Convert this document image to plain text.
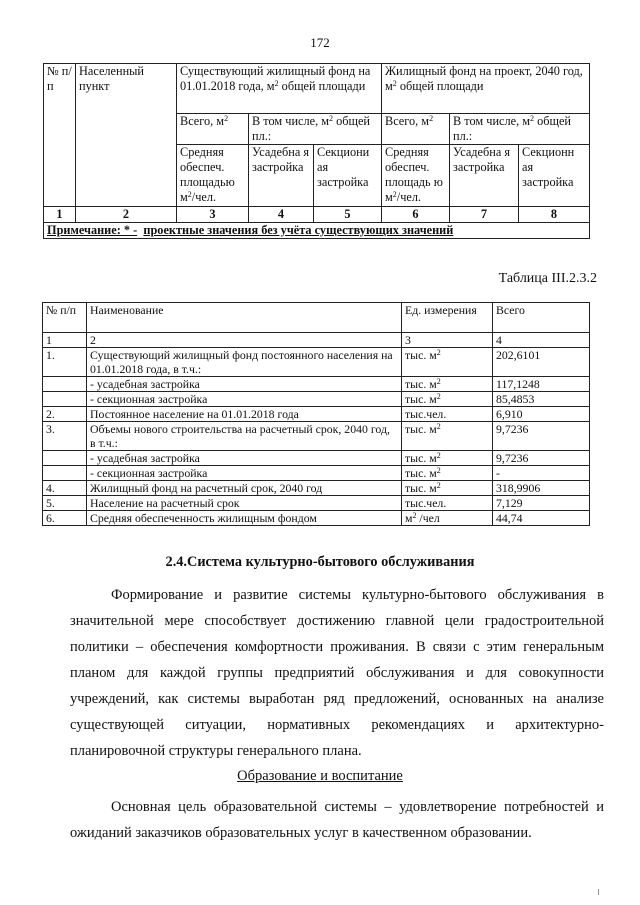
172
№ п/п	Населенный пункт	Существующий жилищный фонд на 01.01.2018 года, $м^2$ общей площади			Жилищный фонд на проект, 2040 год, $м^2$ общей площади		
		Всего, $м^2$	В том числе, $м^2$ общей пл.:		Всего, $м^2$	В том числе, $м^2$ общей пл.:	
		Средняя обеспеч. площадью $м^2$/чел.	Усадебна я застройка	Секциони ая застройка	Средняя обеспеч. площадь ю $м^2$/чел.	Усадебна я застройка	Секционн ая застройка
1	2	3	4	5	6	7	8
Примечание: * - проектные значения без учёта существующих значений							
Таблица III.2.3.2
№ п/п	Наименование	Ед. измерения	Всего
1	2	3	4
1.	Существующий жилищный фонд постоянного населения на 01.01.2018 года, в т.ч.:	тыс. $м^2$	202,6101
	- усадебная застройка	тыс. $м^2$	117,1248
	- секционная застройка	тыс. $м^2$	85,4853
2.	Постоянное население на 01.01.2018 года	тыс.чел.	6,910
3.	Объемы нового строительства на расчетный срок, 2040 год, в т.ч.:	тыс. $м^2$	9,7236
	- усадебная застройка	тыс. $м^2$	9,7236
	- секционная застройка	тыс. $м^2$	-
4.	Жилищный фонд на расчетный срок, 2040 год	тыс. $м^2$	318,9906
5.	Население на расчетный срок	тыс.чел.	7,129
6.	Средняя обеспеченность жилищным фондом	$м^2$ /чел	44,74
2.4.Система культурно-бытового обслуживания
Формирование и развитие системы культурно-бытового обслуживания в
значительной мере способствует достижению главной цели градостроительной
политики – обеспечения комфортности проживания. В связи с этим генеральным
планом для каждой группы предприятий обслуживания и для совокупности
учреждений, как системы выработан ряд предложений, основанных на анализе
существующей ситуации, нормативных рекомендациях и архитектурно-
планировочной структуры генерального плана.
Образование и воспитание
Основная цель образовательной системы – удовлетворение потребностей и
ожиданий заказчиков образовательных услуг в качественном образовании.
